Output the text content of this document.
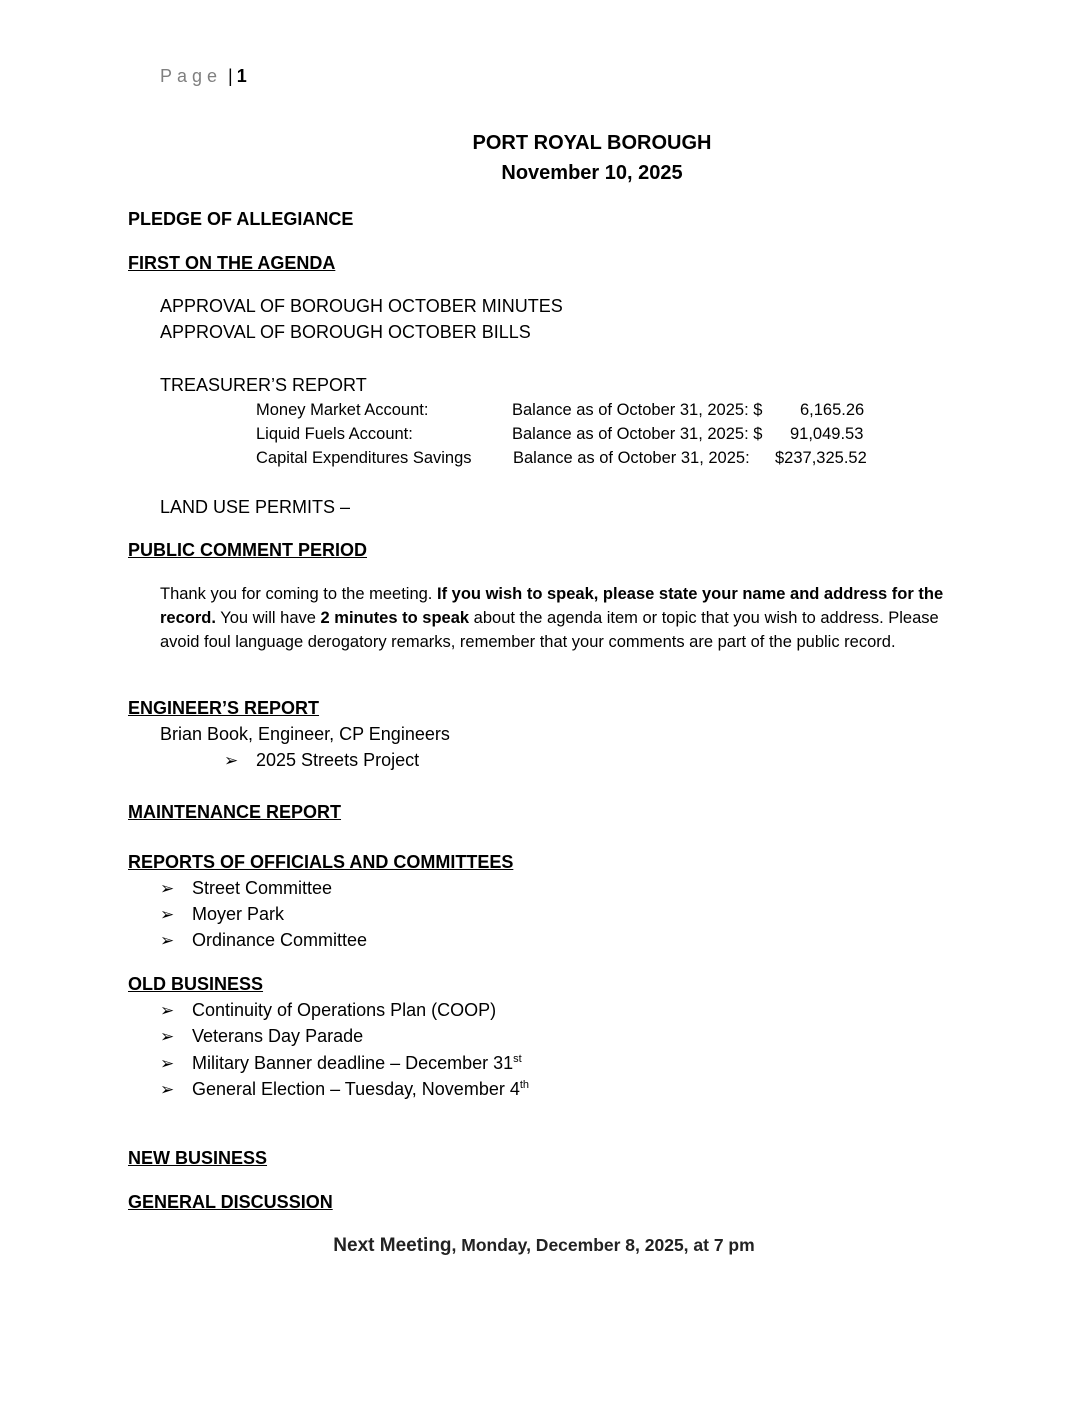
Page | 1
PORT ROYAL BOROUGH
November 10, 2025
PLEDGE OF ALLEGIANCE
FIRST ON THE AGENDA
APPROVAL OF BOROUGH OCTOBER MINUTES
APPROVAL OF BOROUGH OCTOBER BILLS
TREASURER’S REPORT
Money Market Account:	Balance as of October 31, 2025: $ 6,165.26
Liquid Fuels Account:	Balance as of October 31, 2025: $ 91,049.53
Capital Expenditures Savings	Balance as of October 31, 2025: $237,325.52
LAND USE PERMITS –
PUBLIC COMMENT PERIOD
Thank you for coming to the meeting. If you wish to speak, please state your name and address for the record. You will have 2 minutes to speak about the agenda item or topic that you wish to address. Please avoid foul language derogatory remarks, remember that your comments are part of the public record.
ENGINEER’S REPORT
Brian Book, Engineer, CP Engineers
➢ 2025 Streets Project
MAINTENANCE REPORT
REPORTS OF OFFICIALS AND COMMITTEES
➢ Street Committee
➢ Moyer Park
➢ Ordinance Committee
OLD BUSINESS
➢ Continuity of Operations Plan (COOP)
➢ Veterans Day Parade
➢ Military Banner deadline – December 31st
➢ General Election – Tuesday, November 4th
NEW BUSINESS
GENERAL DISCUSSION
Next Meeting, Monday, December 8, 2025, at 7 pm
